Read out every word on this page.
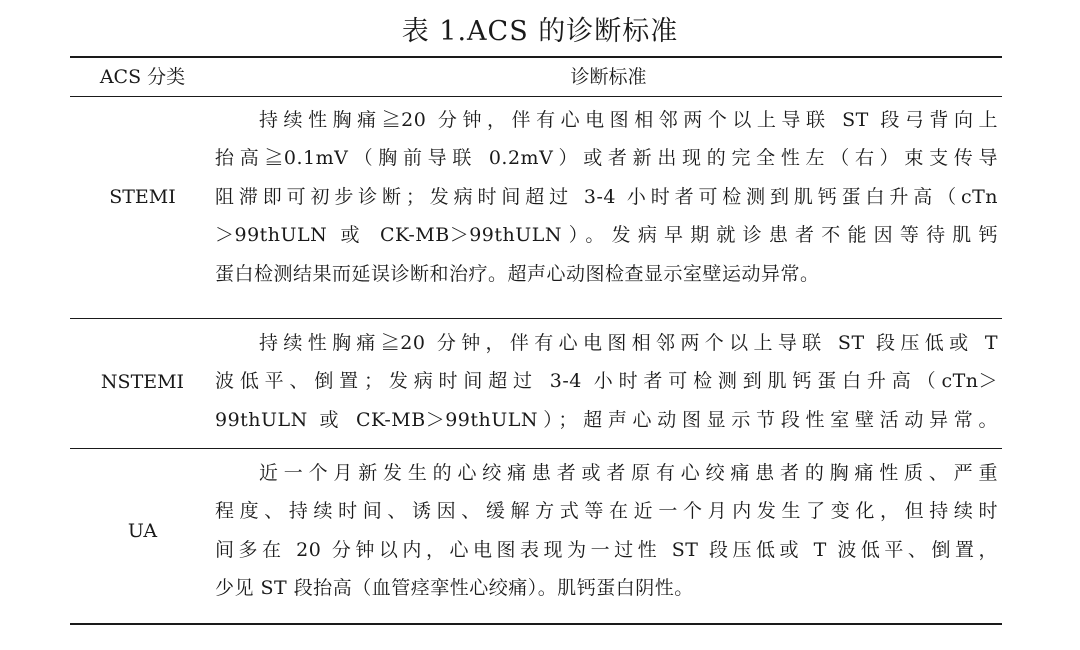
表 1.ACS 的诊断标准
ACS 分类	诊断标准
STEMI
持续性胸痛≧20 分钟，伴有心电图相邻两个以上导联 ST 段弓背向上
抬高≧0.1mV（胸前导联 0.2mV）或者新出现的完全性左（右）束支传导
阻滞即可初步诊断；发病时间超过 3-4 小时者可检测到肌钙蛋白升高（cTn
＞99thULN 或 CK-MB＞99thULN）。发病早期就诊患者不能因等待肌钙
蛋白检测结果而延误诊断和治疗。超声心动图检查显示室壁运动异常。
NSTEMI
持续性胸痛≧20 分钟，伴有心电图相邻两个以上导联 ST 段压低或 T
波低平、倒置；发病时间超过 3-4 小时者可检测到肌钙蛋白升高（cTn＞
99thULN 或 CK-MB＞99thULN）；超声心动图显示节段性室壁活动异常。
UA
近一个月新发生的心绞痛患者或者原有心绞痛患者的胸痛性质、严重
程度、持续时间、诱因、缓解方式等在近一个月内发生了变化，但持续时
间多在 20 分钟以内，心电图表现为一过性 ST 段压低或 T 波低平、倒置，
少见 ST 段抬高（血管痉挛性心绞痛）。肌钙蛋白阴性。
